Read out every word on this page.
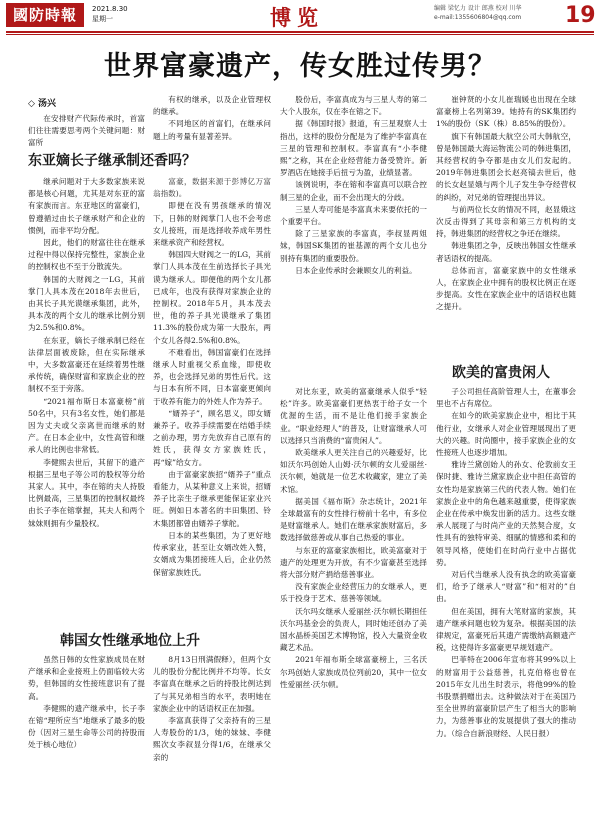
國防時報	2021.8.30
星期一	博览	编辑 梁忆力 设计 郎燕 校对 川华
e-mail:1355606804@qq.com 19
世界富豪遗产，传女胜过传男？
◇ 汤兴

在安排财产代际传承时，首富们往往需要思考两个关键问题：财富所

东亚嫡长子继承制还香吗？

继承问题对于大多数家族来说都是核心问题，尤其是对东亚的富有家族而言。东亚地区的富豪们，曾遵循过由长子继承财产和企业的惯例，而非平均分配。

因此，他们的财富往往在继承过程中得以保持完整性，家族企业的控制权也不至于分散流失。

韩国的大财阀之一LG，其前掌门人具本茂在2018年去世后，由其长子具光谟继承集团，此外，具本茂的两个女儿的继承比例分别为2.5%和0.8%。

在东亚，嫡长子继承制已经在法律层面被废除，但在实际继承中，大多数富豪还在延续着男性继承传统，确保财富和家族企业的控制权不至于旁落。

“2021福布斯日本富豪榜”前50名中，只有3名女性，她们都是因为丈夫或父亲离世而继承的财产。在日本企业中，女性高管和继承人的比例也非常低。

李健熙去世后，其留下的遗产根据三星电子等公司的股权等分给其家人。其中，李在镕的夫人持股比例最高，三星集团的控制权最终由长子李在镕掌握，其夫人和两个妹妹则拥有少量股权。

有权的继承，以及企业管理权的继承。

不同地区的首富们，在继承问题上的考量有显著差异。

富豪，数据来源于彭博亿万富翁指数)。

即便在没有男孩继承的情况下，日韩的财阀掌门人也不会考虑女儿接班，而是选择收养成年男性来继承资产和经营权。

韩国四大财阀之一的LG，其前掌门人具本茂在生前选择长子具光谟为继承人。即便他的两个女儿都已成年，也没有获得对家族企业的控制权。2018年5月，具本茂去世，他的养子具光谟继承了集团11.3%的股份成为第一大股东，两个女儿各得2.5%和0.8%。

不难看出，韩国富豪们在选择继承人时重视父系血缘，即使收养，也会选择兄弟的男性后代。这与日本有所不同，日本富豪更倾向于收养有能力的外姓人作为养子。

“婿养子”，顾名思义，即女婿兼养子。收养手续需要在结婚手续之前办理，男方先放弃自己原有的姓氏，获得女方家族姓氏，再“嫁”给女方。

由于富豪家族招“婿养子”重点看能力，从某种意义上来说，招婿养子比亲生子继承更能保证家业兴旺。例如日本著名的丰田集团、铃木集团都曾由婿养子掌舵。

日本的某些集团，为了更好地传承家业，甚至让女婿改姓入赘，女婿成为集团接班人后，企业仍然保留家族姓氏。

股份后，李富真成为与三星人寿的第二大个人股东，仅在李在镕之下。

据《韩国时报》报道，有三星观察人士指出，这样的股份分配是为了维护李富真在三星的管理和控制权。李富真有“小李健熙”之称，其在企业经营能力备受赞许。新罗酒店在她接手后扭亏为盈，业绩显著。

该例说明，李在镕和李富真可以联合控制三星的企业，而不会出现大的分歧。

三星人寿可能是李富真未来要依托的一个重要平台。

除了三星家族的李富真，李叔显两姐妹，韩国SK集团的崔基源的两个女儿也分别持有集团的重要股份。

日本企业传承时会兼顾女儿的利益。

崔钟贤的小女儿崔瑞媛也出现在全球富豪榜上名列第39。她持有的SK集团约1%的股份（SK（株）8.85%的股份）。

旗下有韩国最大航空公司大韩航空，曾是韩国最大海运物流公司的韩进集团，其经营权的争夺都是由女儿们发起的。2019年韩进集团会长赵亮镐去世后，他的长女赵显娥与两个儿子发生争夺经营权的纠纷，对兄弟的管理提出异议。

与前两位长女的情况不同，赵显娥这次反击得到了其母亲和第三方机构的支持，韩进集团的经营权之争还在继续。

韩进集团之争，反映出韩国女性继承者话语权的提高。

总体而言，富豪家族中的女性继承人，在家族企业中拥有的股权比例正在逐步提高。女性在家族企业中的话语权也随之提升。

韩国女性继承地位上升

虽然日韩的女性家族成员在财产继承和企业接班上仍面临较大劣势，但韩国的女性接班意识有了提高。

李健熙的遗产继承中，长子李在镕“理所应当”地继承了最多的股份（因对三星生命等公司的持股而处于核心地位）

8月13日刑满假释），但两个女儿的股份分配比例并不均等。长女李富真在继承之后的持股比例达到了与其兄弟相当的水平，表明她在家族企业中的话语权正在加强。

李富真获得了父亲持有的三星人寿股份的1/3，她的妹妹、李健熙次女李叙显分得1/6，在继承父亲的

欧美的富贵闲人

对比东亚，欧美的富豪继承人似乎“轻松”许多。欧美富豪们更热衷于给子女一个优渥的生活，而不是让他们接手家族企业。“职业经理人”的普及，让财富继承人可以选择只当消费的“富贵闲人”。

欧美继承人更关注自己的兴趣爱好，比如沃尔玛创始人山姆·沃尔顿的女儿爱丽丝·沃尔顿，她就是一位艺术收藏家，建立了美术馆。

据美国《福布斯》杂志统计，2021年全球最富有的女性排行榜前十名中，有多位是财富继承人。她们在继承家族财富后，多数选择做慈善或从事自己热爱的事业。

与东亚的富豪家族相比，欧美富豪对于遗产的处理更为开放，有不少富豪甚至选择将大部分财产捐给慈善事业。

没有家族企业经营压力的女继承人，更乐于投身于艺术、慈善等领域。

沃尔玛女继承人爱丽丝·沃尔顿长期担任沃尔玛基金会的负责人，同时她还创办了美国水晶桥美国艺术博物馆，投入大量资金收藏艺术品。

2021年福布斯全球富豪榜上，三名沃尔玛创始人家族成员位列前20，其中一位女性爱丽丝·沃尔顿。

子公司担任高阶管理人士，在董事会里也不占有席位。

在如今的欧美家族企业中，相比于其他行业，女继承人对企业管理展现出了更大的兴趣。时尚圈中，接手家族企业的女性接班人也逐步增加。

雅诗兰黛创始人的孙女、伦敦前女王保时捷、雅诗兰黛家族企业中担任高管的女性均是家族第三代的代表人物。她们在家族企业中的角色越来越重要，使得家族企业在传承中焕发出新的活力。这些女继承人展现了与时尚产业的天然契合度，女性具有的独特审美、细腻的情感和柔和的领导风格，使她们在时尚行业中占据优势。

对后代当继承人没有执念的欧美富豪们，给予了继承人“财富”和“相对的”自由。

但在美国，拥有大笔财富的家族，其遗产继承问题也较为复杂。根据美国的法律规定，富豪死后其遗产需缴纳高额遗产税，这使得许多富豪更早规划遗产。

巴菲特在2006年宣布将其99%以上的财富用于公益慈善，扎克伯格也曾在2015年女儿出生时表示，将他99%的脸书股票捐赠出去。这种做法对于在美国乃至全世界的富豪阶层产生了相当大的影响力，为慈善事业的发展提供了强大的推动力。（综合自新浪财经、人民日报）
